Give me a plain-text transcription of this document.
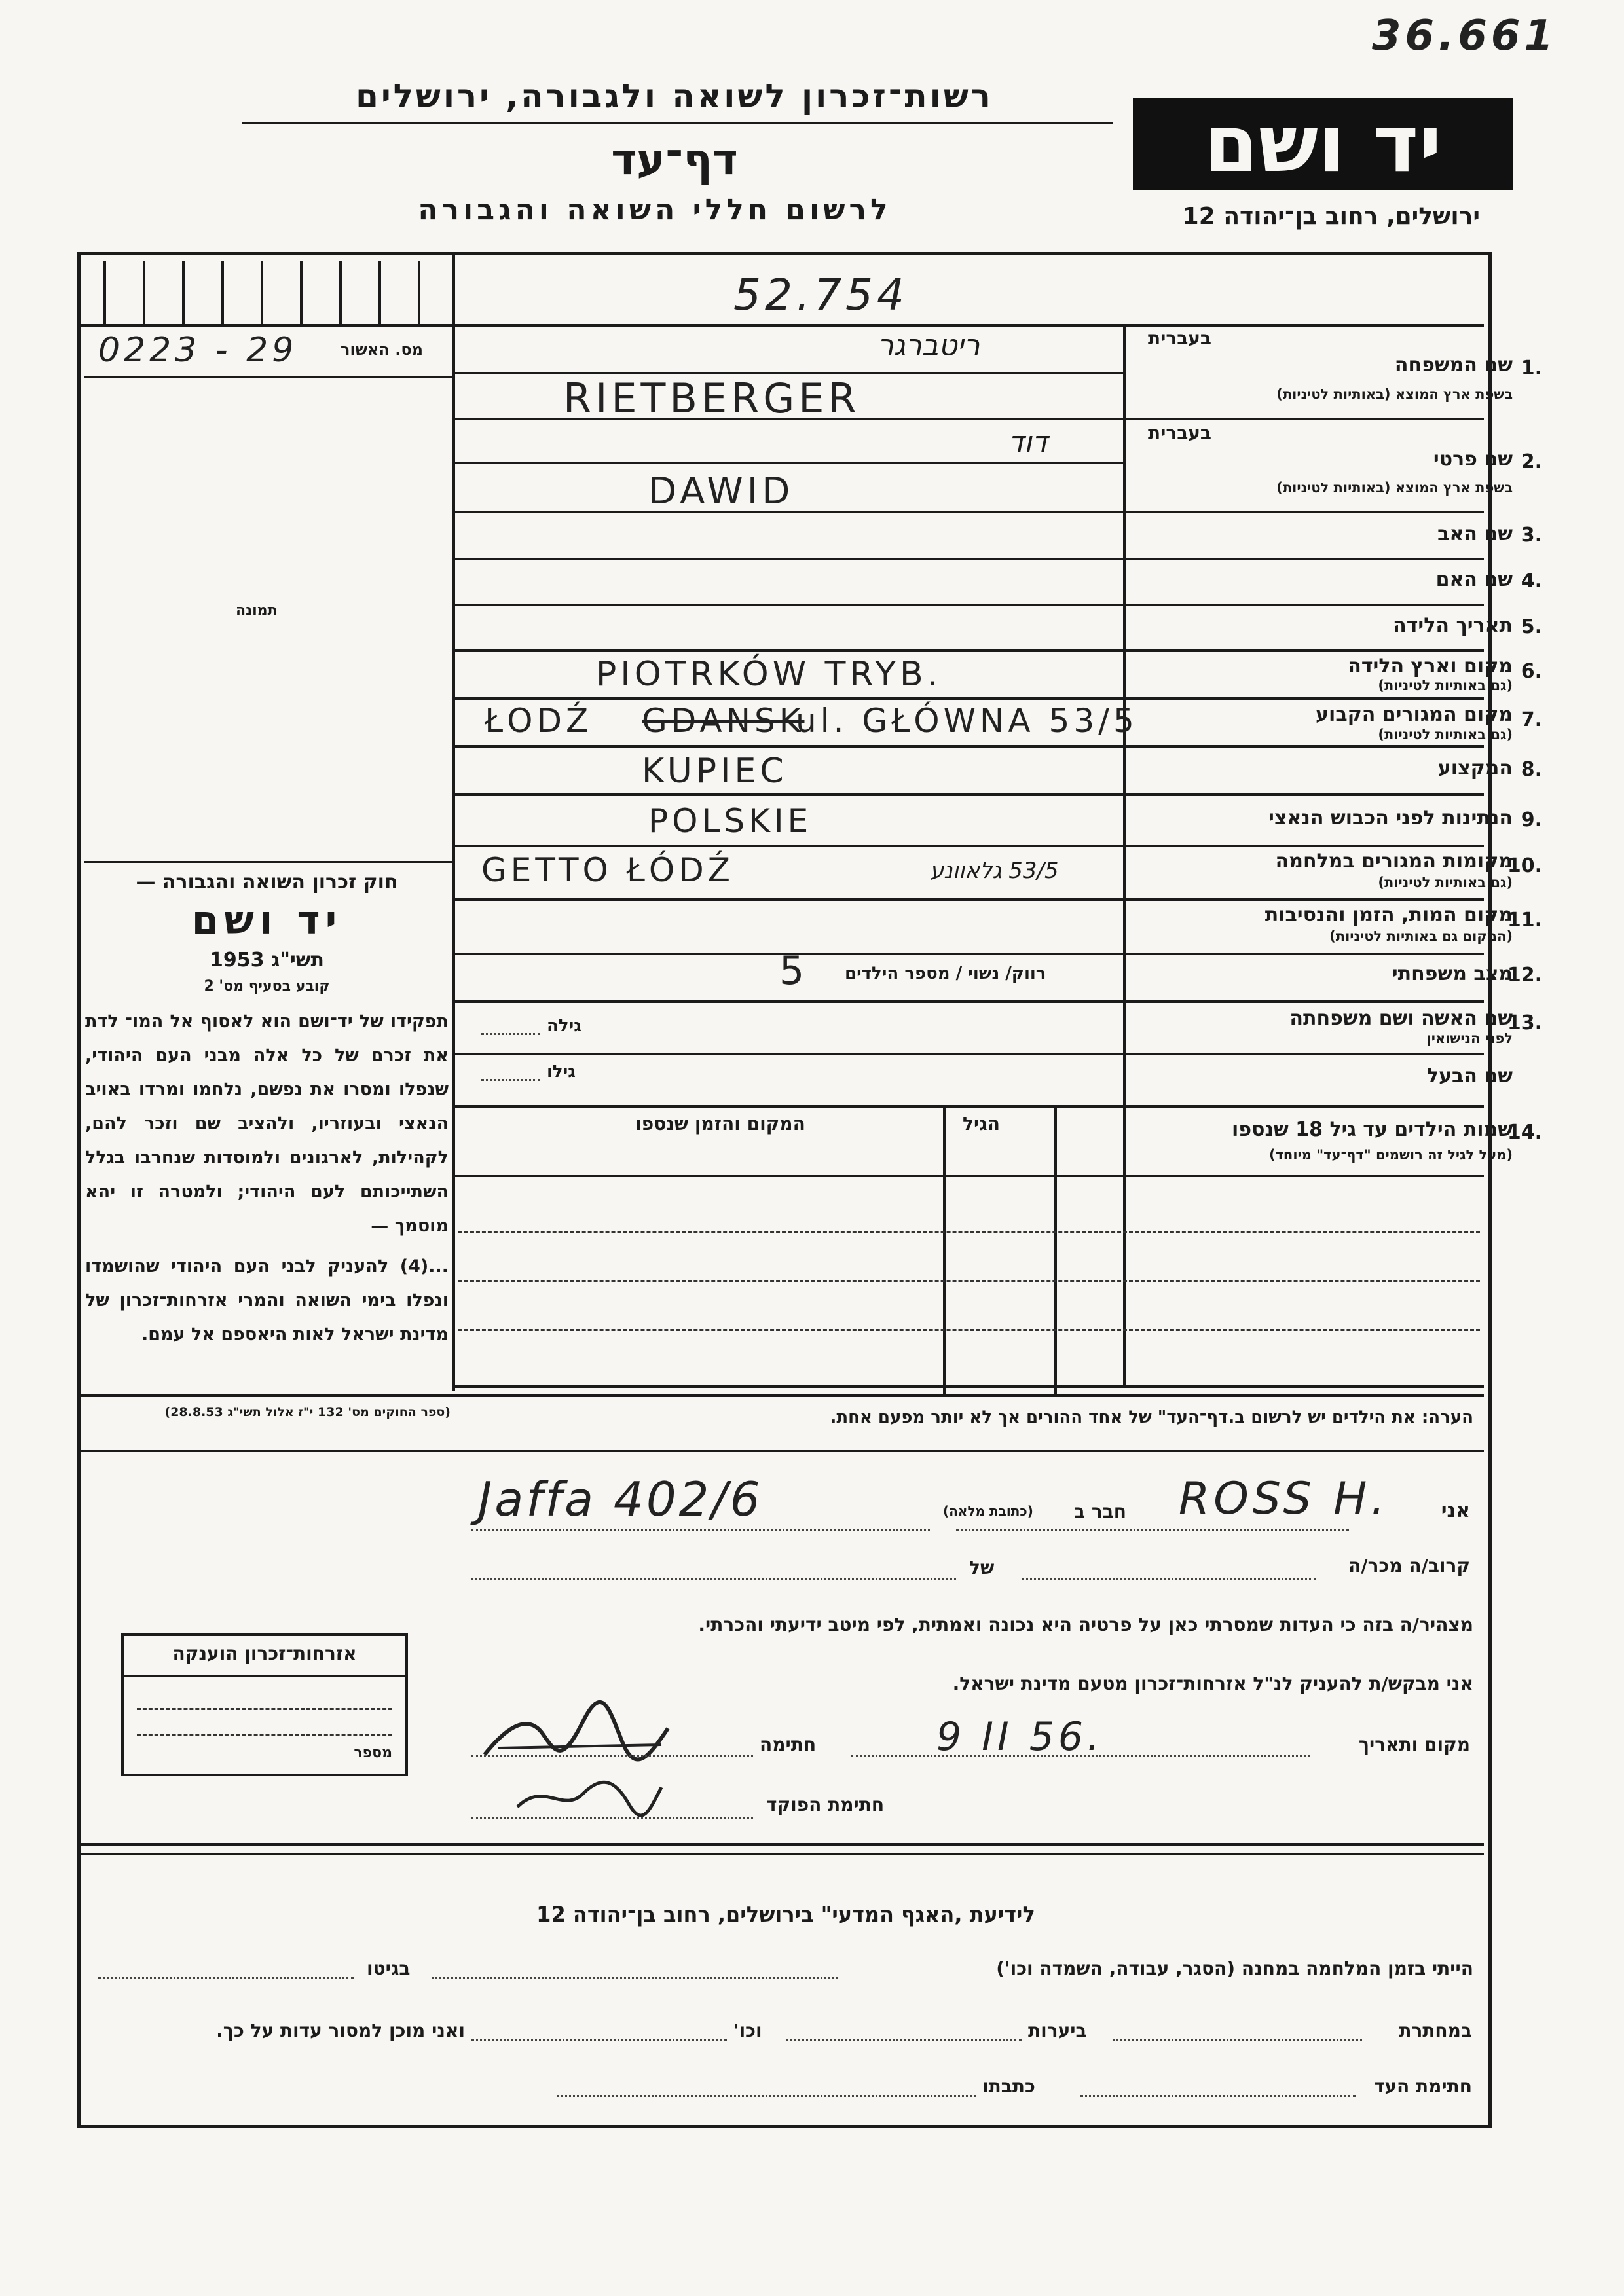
36.661
רשות־זכרון לשואה ולגבורה, ירושלים
דף־עד
לרשום חללי השואה והגבורה
יד ושם
ירושלים, רחוב בן־יהודה 12
52.754
0223 - 29	מס. האשור
תמונה
חוק זכרון השואה והגבורה —
יד ושם
תשי"ג 1953
קובע בסעיף מס' 2
תפקידו של יד־ושם הוא לאסוף אל המו־ לדת את זכרם של כל אלה מבני העם היהודי, שנפלו ומסרו את נפשם, נלחמו ומרדו באויב הנאצי ובעוזריו, ולהציב שם וזכר להם, לקהילות, לארגונים ולמוסדות שנחרבו בגלל השתייכותם לעם היהודי; ולמטרה זו יהא מוסמך —
...(4) להעניק לבני העם היהודי שהושמדו ונפלו בימי השואה והמרי אזרחות־זכרון של מדינת ישראל לאות היאספם אל עמם.
(ספר החוקים מס' 132 י"ז אלול תשי"ג 28.8.53)
בעברית
בעברית
1.
שם המשפחה
בשפת ארץ המוצא (באותיות לטיניות)
2.
שם פרטי
בשפת ארץ המוצא (באותיות לטיניות)
3.
שם האב
4.
שם האם
5.
תאריך הלידה
6.
מקום וארץ הלידה
(גם באותיות לטיניות)
7.
מקום המגורים הקבוע
(גם באותיות לטיניות)
8.
המקצוע
9.
הנתינות לפני הכבוש הנאצי
10.
מקומות המגורים במלחמה
(גם באותיות לטיניות)
11.
מקום המות, הזמן והנסיבות
(המקום גם באותיות לטיניות)
12.
מצב משפחתי
13.
שם האשה ושם משפחתה
לפני הנישואין
שם הבעל
ריטברגר
RIETBERGER
דוד
DAWID
PIOTRKÓW TRYB.
ŁODŹ GDANSK
ul. GŁÓWNA 53/5
KUPIEC
POLSKIE
GETTO ŁÓDŹ	53/5 גלאוונע
רווק/ נשוי / מספר הילדים
5
גילה
גילו
14.
שמות הילדים עד גיל 18 שנספו
(מעל לגיל זה רושמים "דף־עד" מיוחד)
הגיל
המקום והזמן שנספו
הערה: את הילדים יש לרשום ב.דף־העד" של אחד ההורים אך לא יותר מפעם אחת.
אני
ROSS H.
חבר ב
(כתובת מלאה)
Jaffa 402/6
קרוב/ה מכר/ה
של
מצהיר/ה בזה כי העדות שמסרתי כאן על פרטיה היא נכונה ואמתית, לפי מיטב ידיעתי והכרתי.
אני מבקש/ת להעניק לנ"ל אזרחות־זכרון מטעם מדינת ישראל.
מקום ותאריך
9 II 56.
חתימה
חתימת הפוקד
אזרחות־זכרון הוענקה
מספר
לידיעת ,האגף המדעי" בירושלים, רחוב בן־יהודה 12
הייתי בזמן המלחמה במחנה (הסגר, עבודה, השמדה וכו')
בגיטו
במחתרת
ביערות
וכו'
ואני מוכן למסור עדות על כך.
חתימת העד
כתבתו
